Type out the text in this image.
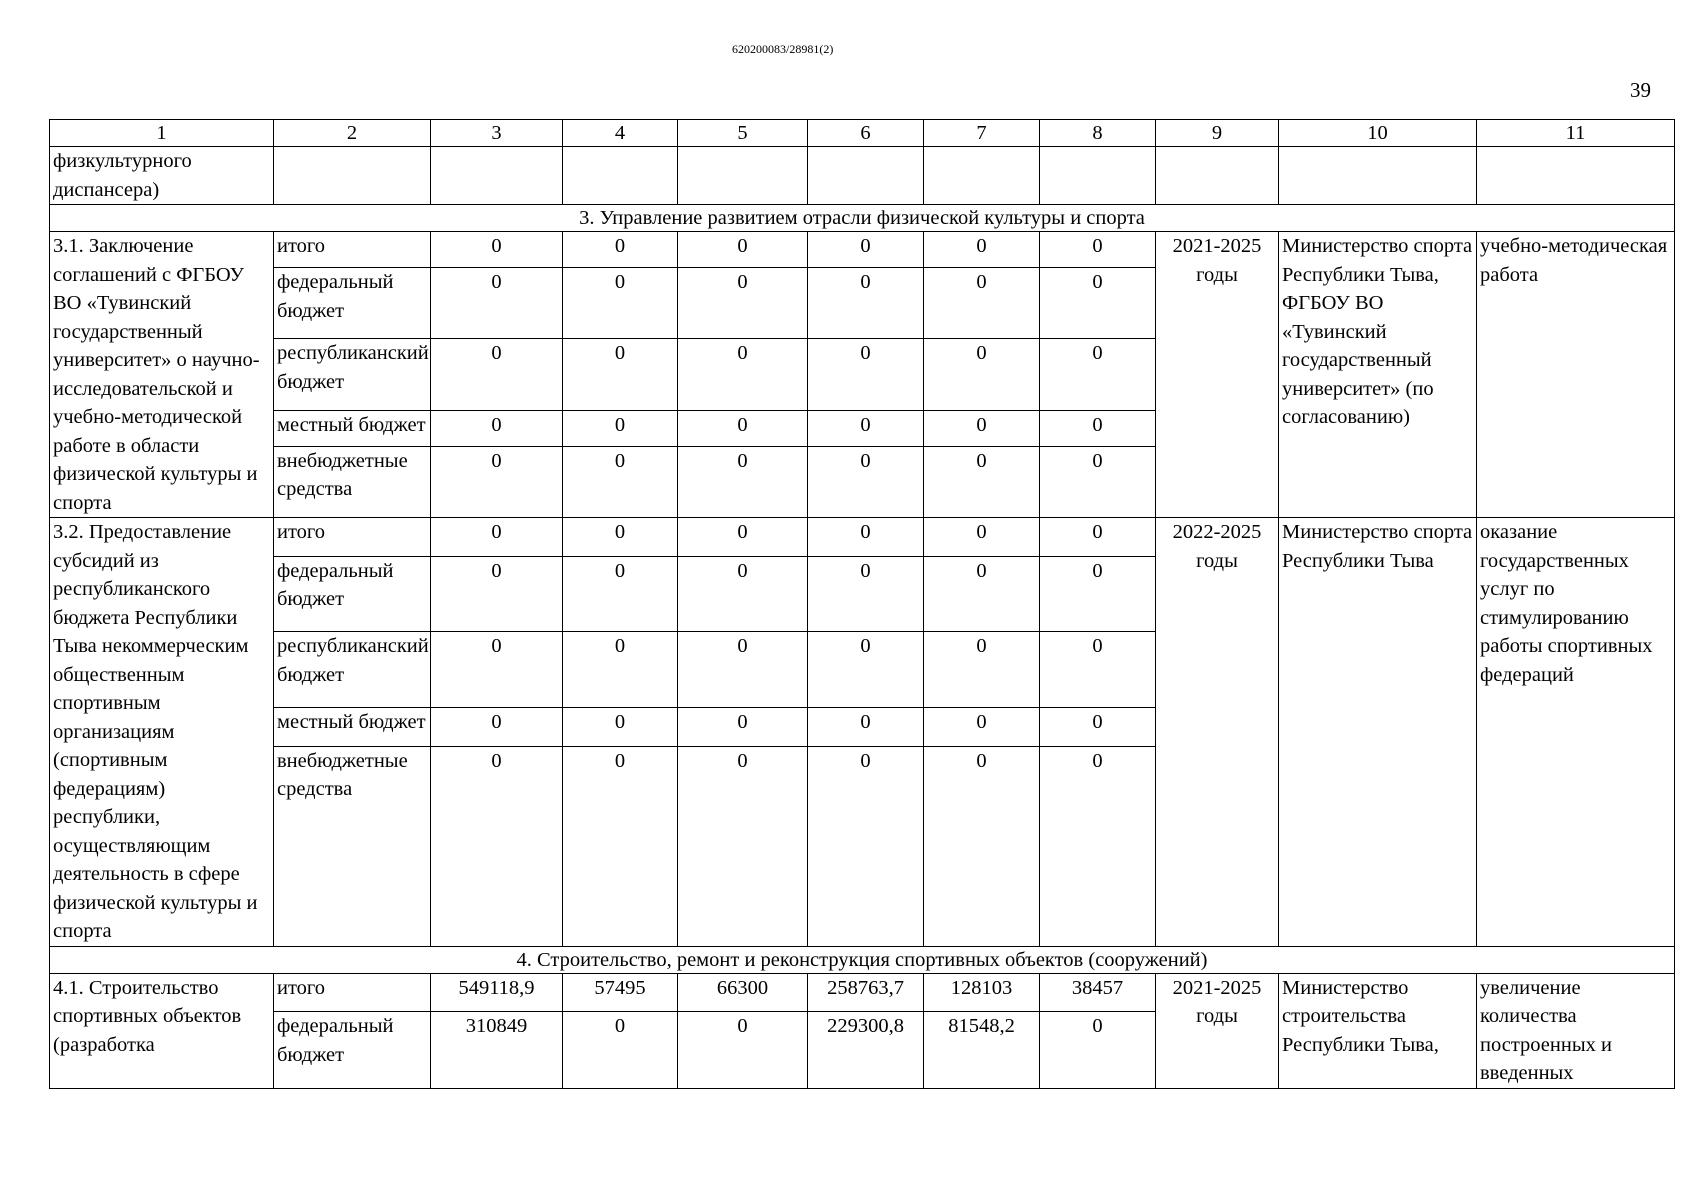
620200083/28981(2)
39
1	2	3	4	5	6	7	8	9	10	11

физкультурного диспансера)										

3. Управление развитием отрасли физической культуры и спорта										
3.1. Заключение соглашений с ФГБОУ ВО «Тувинский государственный университет» о научно-исследовательской и учебно-методической работе в области физической культуры и спорта	итого	0	0	0	0	0	0	2021-2025 годы	Министерство спорта Республики Тыва, ФГБОУ ВО «Тувинский государственный университет» (по согласованию)	учебно-методическая работа
	федеральный бюджет	0	0	0	0	0	0			
	республиканский бюджет	0	0	0	0	0	0			
	местный бюджет	0	0	0	0	0	0			
	внебюджетные средства	0	0	0	0	0	0			
3.2. Предоставление субсидий из республиканского бюджета Республики Тыва некоммерческим общественным спортивным организациям (спортивным федерациям) республики, осуществляющим деятельность в сфере физической культуры и спорта	итого	0	0	0	0	0	0	2022-2025 годы	Министерство спорта Республики Тыва	оказание государственных услуг по стимулированию работы спортивных федераций
	федеральный бюджет	0	0	0	0	0	0			
	республиканский бюджет	0	0	0	0	0	0			
	местный бюджет	0	0	0	0	0	0			
	внебюджетные средства	0	0	0	0	0	0			
4. Строительство, ремонт и реконструкция спортивных объектов (сооружений)										
4.1. Строительство спортивных объектов (разработка	итого	549118,9	57495	66300	258763,7	128103	38457	2021-2025 годы	Министерство строительства Республики Тыва,	увеличение количества построенных и введенных
	федеральный бюджет	310849	0	0	229300,8	81548,2	0			
